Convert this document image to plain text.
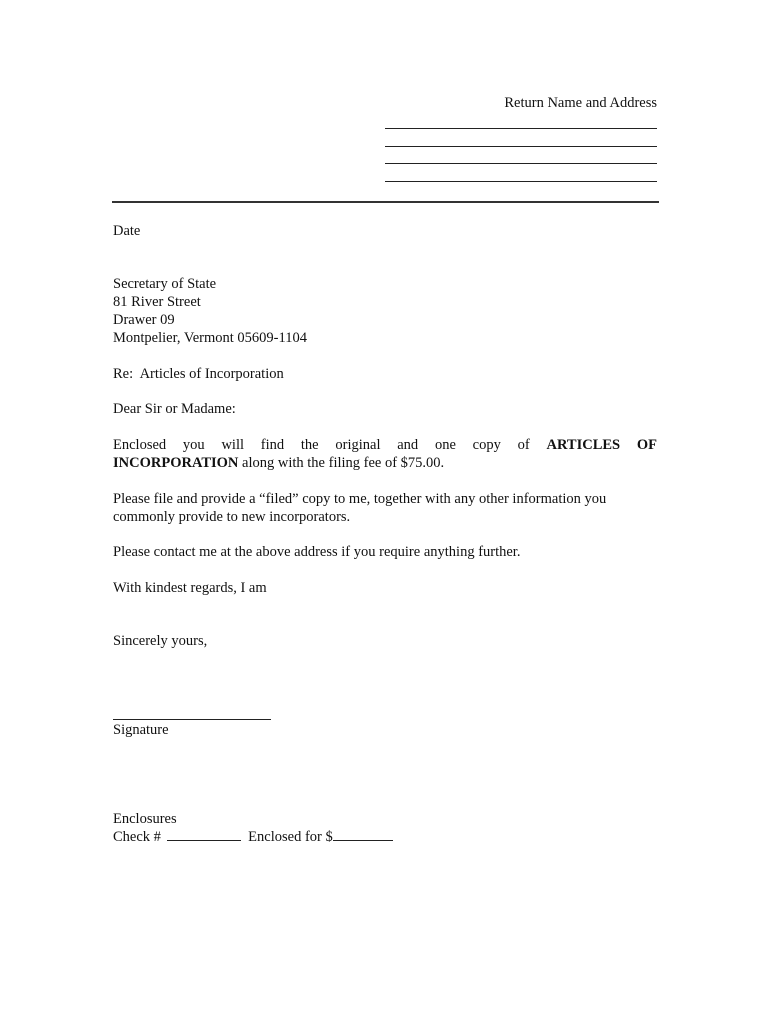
Return Name and Address
Date
Secretary of State
81 River Street
Drawer 09
Montpelier, Vermont 05609-1104
Re:  Articles of Incorporation
Dear Sir or Madame:
Enclosed you will find the original and one copy of ARTICLES OF
INCORPORATION along with the filing fee of $75.00.
Please file and provide a “filed” copy to me, together with any other information you
commonly provide to new incorporators.
Please contact me at the above address if you require anything further.
With kindest regards, I am
Sincerely yours,
Signature
Enclosures
Check #	Enclosed for $
